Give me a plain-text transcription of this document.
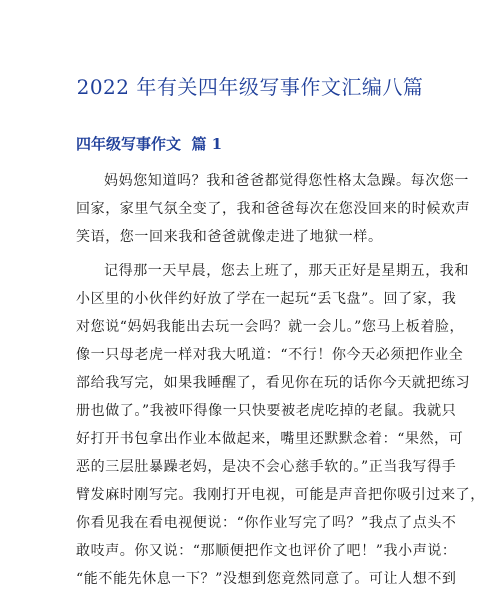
2022 年有关四年级写事作文汇编八篇
四年级写事作文  篇 1
妈妈您知道吗？我和爸爸都觉得您性格太急躁。每次您一
回家，家里气氛全变了，我和爸爸每次在您没回来的时候欢声
笑语，您一回来我和爸爸就像走进了地狱一样。
记得那一天早晨，您去上班了，那天正好是星期五，我和
小区里的小伙伴约好放了学在一起玩“丢飞盘”。回了家，我
对您说“妈妈我能出去玩一会吗？就一会儿。”您马上板着脸，
像一只母老虎一样对我大吼道：“不行！你今天必须把作业全
部给我写完，如果我睡醒了，看见你在玩的话你今天就把练习
册也做了。”我被吓得像一只快要被老虎吃掉的老鼠。我就只
好打开书包拿出作业本做起来，嘴里还默默念着：“果然，可
恶的三层肚暴躁老妈，是决不会心慈手软的。”正当我写得手
臂发麻时刚写完。我刚打开电视，可能是声音把你吸引过来了，
你看见我在看电视便说：“你作业写完了吗？”我点了点头不
敢吱声。你又说：“那顺便把作文也评价了吧！”我小声说：
“能不能先休息一下？”没想到您竟然同意了。可让人想不到
